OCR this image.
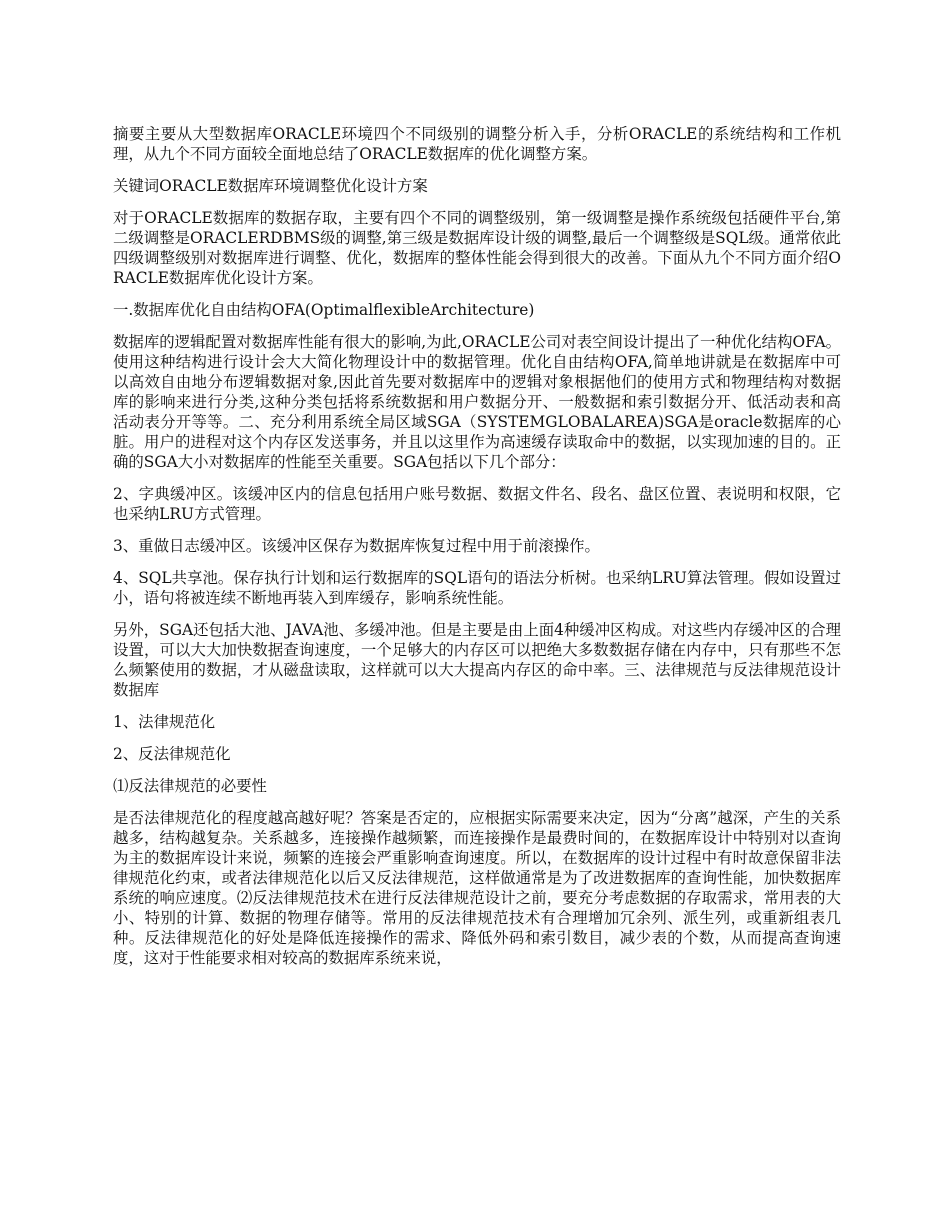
摘要主要从大型数据库ORACLE环境四个不同级别的调整分析入手，分析ORACLE的系统结构和工作机理，从九个不同方面较全面地总结了ORACLE数据库的优化调整方案。

关键词ORACLE数据库环境调整优化设计方案

对于ORACLE数据库的数据存取，主要有四个不同的调整级别，第一级调整是操作系统级包括硬件平台,第二级调整是ORACLERDBMS级的调整,第三级是数据库设计级的调整,最后一个调整级是SQL级。通常依此四级调整级别对数据库进行调整、优化，数据库的整体性能会得到很大的改善。下面从九个不同方面介绍ORACLE数据库优化设计方案。

一.数据库优化自由结构OFA(OptimalflexibleArchitecture)

数据库的逻辑配置对数据库性能有很大的影响,为此,ORACLE公司对表空间设计提出了一种优化结构OFA。使用这种结构进行设计会大大简化物理设计中的数据管理。优化自由结构OFA,简单地讲就是在数据库中可以高效自由地分布逻辑数据对象,因此首先要对数据库中的逻辑对象根据他们的使用方式和物理结构对数据库的影响来进行分类,这种分类包括将系统数据和用户数据分开、一般数据和索引数据分开、低活动表和高活动表分开等等。二、充分利用系统全局区域SGA（SYSTEMGLOBALAREA)SGA是oracle数据库的心脏。用户的进程对这个内存区发送事务，并且以这里作为高速缓存读取命中的数据，以实现加速的目的。正确的SGA大小对数据库的性能至关重要。SGA包括以下几个部分：

2、字典缓冲区。该缓冲区内的信息包括用户账号数据、数据文件名、段名、盘区位置、表说明和权限，它也采纳LRU方式管理。

3、重做日志缓冲区。该缓冲区保存为数据库恢复过程中用于前滚操作。

4、SQL共享池。保存执行计划和运行数据库的SQL语句的语法分析树。也采纳LRU算法管理。假如设置过小，语句将被连续不断地再装入到库缓存，影响系统性能。

另外，SGA还包括大池、JAVA池、多缓冲池。但是主要是由上面4种缓冲区构成。对这些内存缓冲区的合理设置，可以大大加快数据查询速度，一个足够大的内存区可以把绝大多数数据存储在内存中，只有那些不怎么频繁使用的数据，才从磁盘读取，这样就可以大大提高内存区的命中率。三、法律规范与反法律规范设计数据库

1、法律规范化

2、反法律规范化

⑴反法律规范的必要性

是否法律规范化的程度越高越好呢？答案是否定的，应根据实际需要来决定，因为“分离”越深，产生的关系越多，结构越复杂。关系越多，连接操作越频繁，而连接操作是最费时间的，在数据库设计中特别对以查询为主的数据库设计来说，频繁的连接会严重影响查询速度。所以，在数据库的设计过程中有时故意保留非法律规范化约束，或者法律规范化以后又反法律规范，这样做通常是为了改进数据库的查询性能，加快数据库系统的响应速度。⑵反法律规范技术在进行反法律规范设计之前，要充分考虑数据的存取需求，常用表的大小、特别的计算、数据的物理存储等。常用的反法律规范技术有合理增加冗余列、派生列，或重新组表几种。反法律规范化的好处是降低连接操作的需求、降低外码和索引数目，减少表的个数，从而提高查询速度，这对于性能要求相对较高的数据库系统来说，
